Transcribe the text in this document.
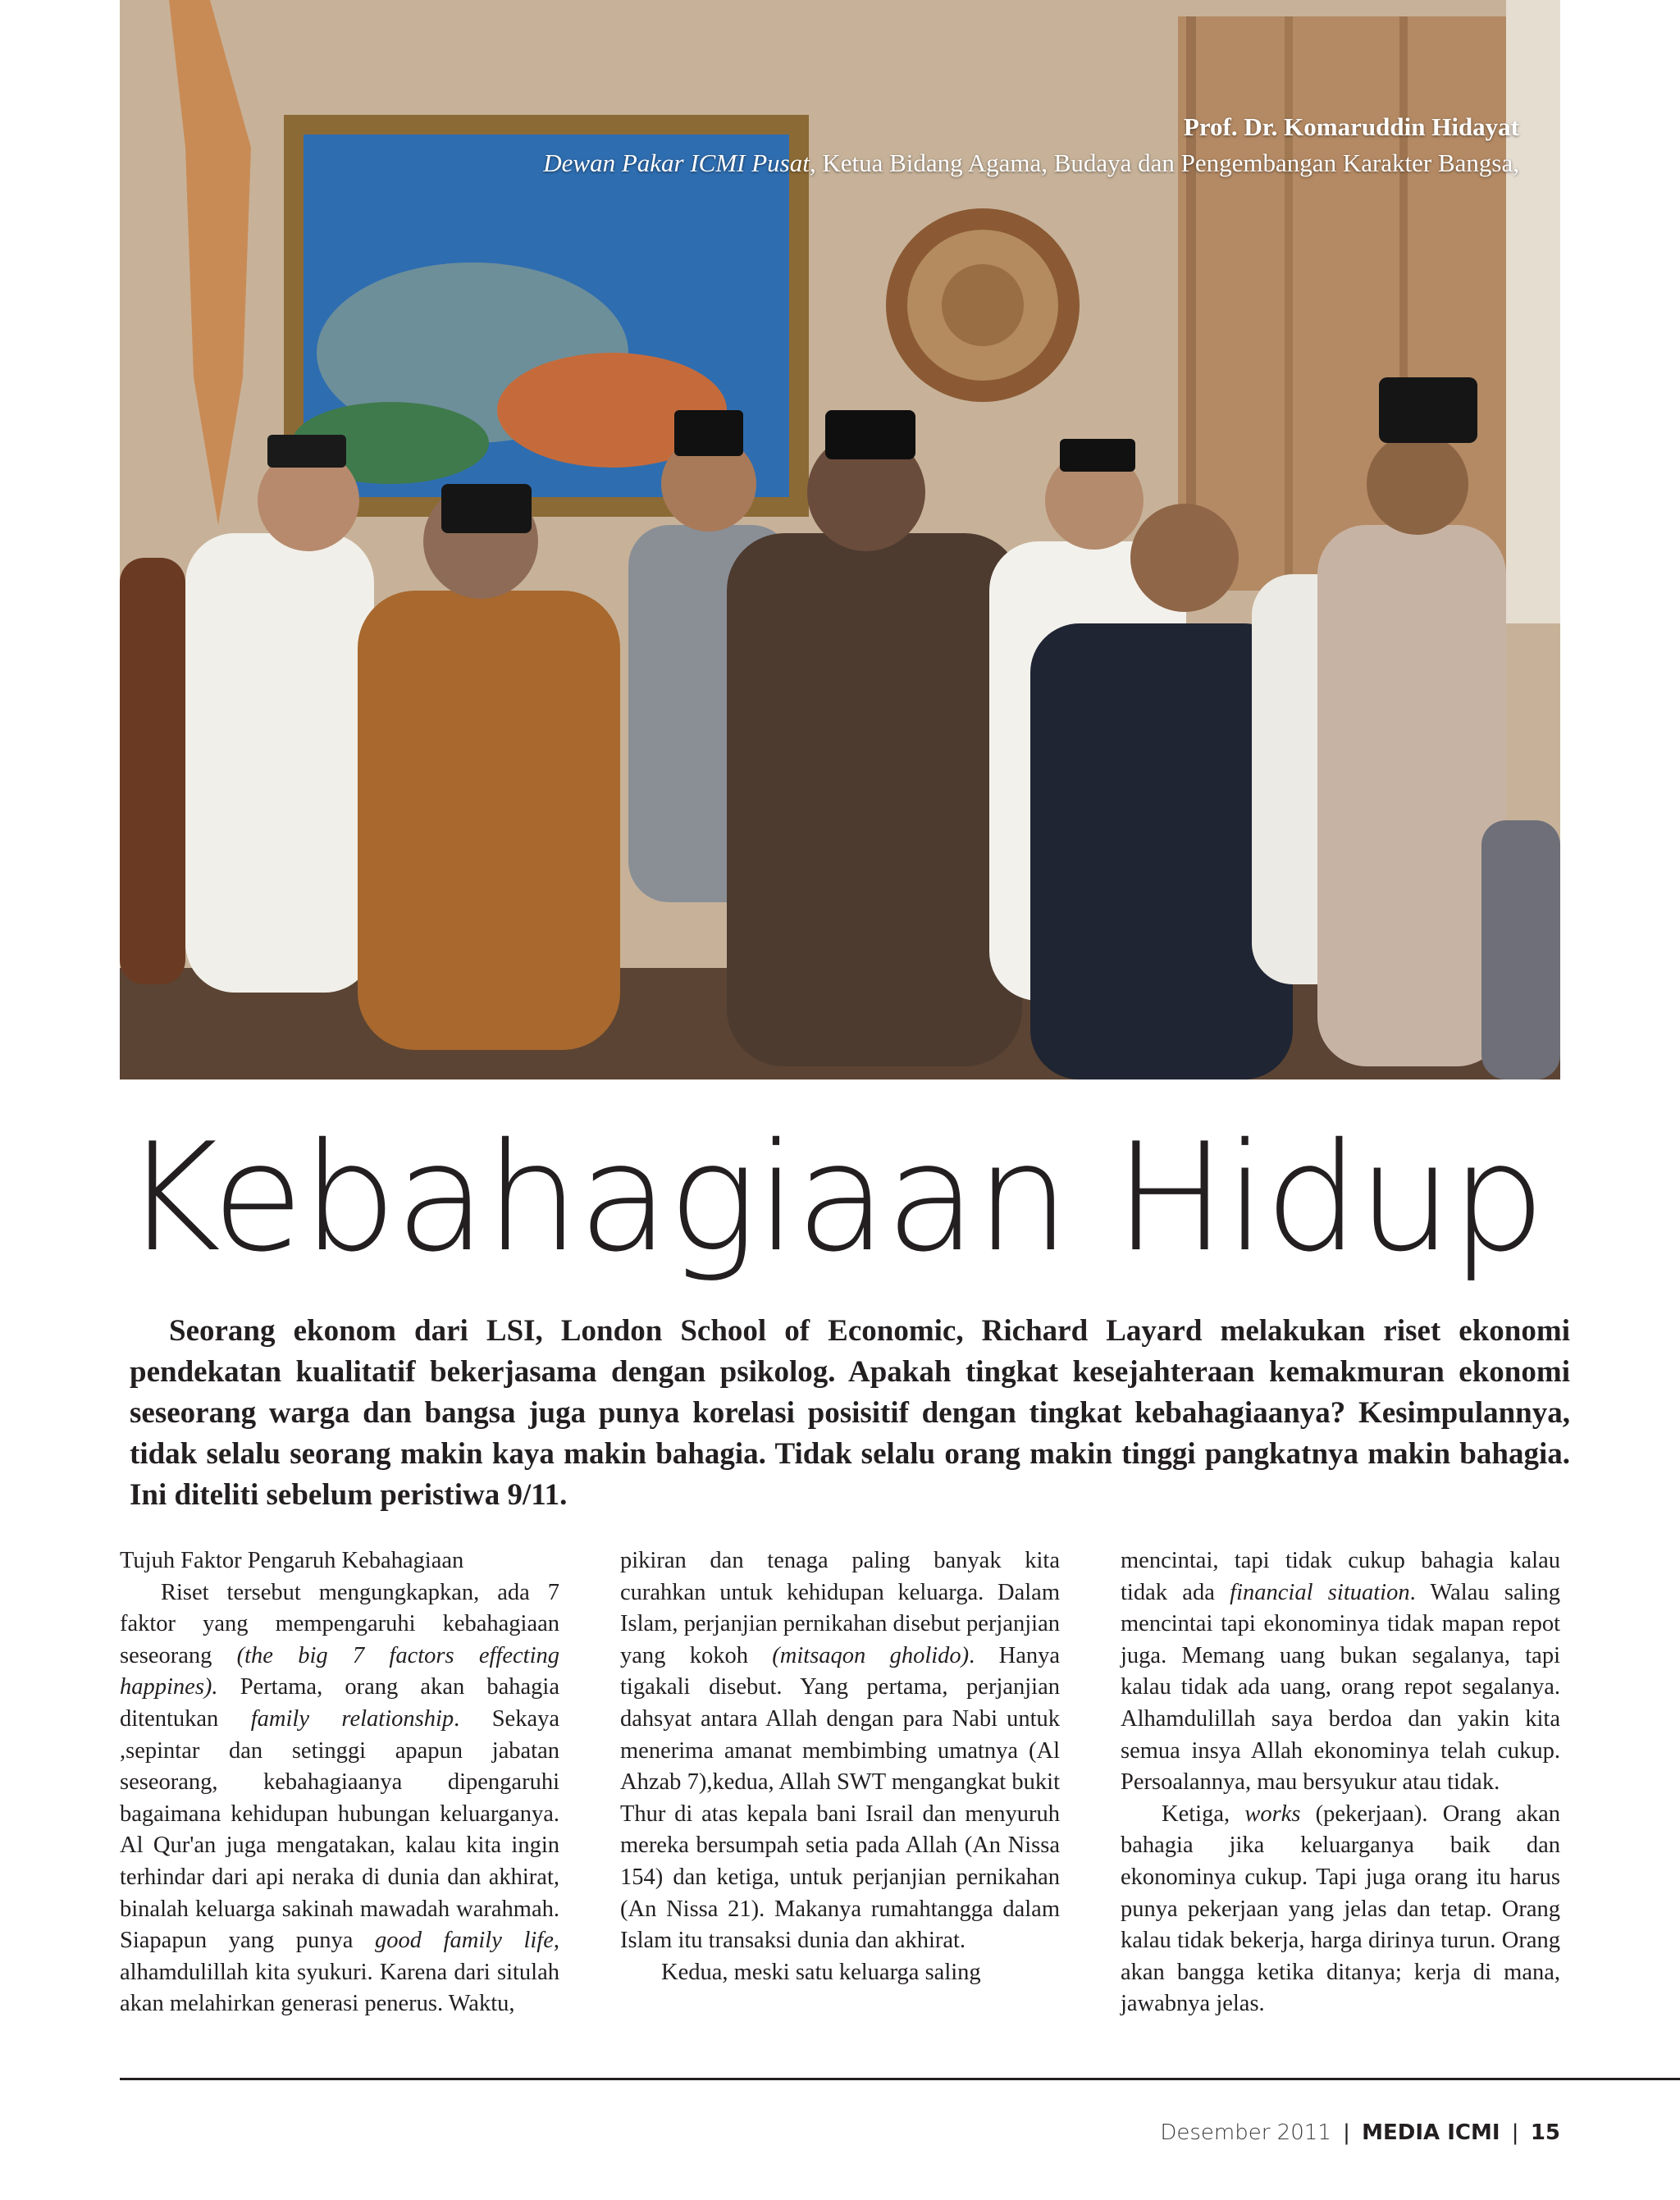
Prof. Dr. Komaruddin Hidayat
Dewan Pakar ICMI Pusat, Ketua Bidang Agama, Budaya dan Pengembangan Karakter Bangsa,
Kebahagiaan Hidup

Seorang ekonom dari LSI, London School of Economic, Richard Layard melakukan riset ekonomi pendekatan kualitatif bekerjasama dengan psikolog. Apakah tingkat kesejahteraan kemakmuran ekonomi seseorang warga dan bangsa juga punya korelasi posisitif dengan tingkat kebahagiaanya? Kesimpulannya, tidak selalu seorang makin kaya makin bahagia. Tidak selalu orang makin tinggi pangkatnya makin bahagia. Ini diteliti sebelum peristiwa 9/11.

Tujuh Faktor Pengaruh Kebahagiaan

Riset tersebut mengungkapkan, ada 7 faktor yang mempengaruhi kebahagiaan seseorang (the big 7 factors effecting happines). Pertama, orang akan bahagia ditentukan family relationship. Sekaya ,sepintar dan setinggi apapun jabatan seseorang, kebahagiaanya dipengaruhi bagaimana kehidupan hubungan keluarganya. Al Qur'an juga mengatakan, kalau kita ingin terhindar dari api neraka di dunia dan akhirat, binalah keluarga sakinah mawadah warahmah. Siapapun yang punya good family life, alhamdulillah kita syukuri. Karena dari situlah akan melahirkan generasi penerus. Waktu,

pikiran dan tenaga paling banyak kita curahkan untuk kehidupan keluarga. Dalam Islam, perjanjian pernikahan disebut perjanjian yang kokoh (mitsaqon gholido). Hanya tigakali disebut. Yang pertama, perjanjian dahsyat antara Allah dengan para Nabi untuk menerima amanat membimbing umatnya (Al Ahzab 7),kedua, Allah SWT mengangkat bukit Thur di atas kepala bani Israil dan menyuruh mereka bersumpah setia pada Allah (An Nissa 154) dan ketiga, untuk perjanjian pernikahan (An Nissa 21). Makanya rumahtangga dalam Islam itu transaksi dunia dan akhirat.

Kedua, meski satu keluarga saling

mencintai, tapi tidak cukup bahagia kalau tidak ada financial situation. Walau saling mencintai tapi ekonominya tidak mapan repot juga. Memang uang bukan segalanya, tapi kalau tidak ada uang, orang repot segalanya. Alhamdulillah saya berdoa dan yakin kita semua insya Allah ekonominya telah cukup. Persoalannya, mau bersyukur atau tidak.

Ketiga, works (pekerjaan). Orang akan bahagia jika keluarganya baik dan ekonominya cukup. Tapi juga orang itu harus punya pekerjaan yang jelas dan tetap. Orang kalau tidak bekerja, harga dirinya turun. Orang akan bangga ketika ditanya; kerja di mana, jawabnya jelas.

Desember 2011 | MEDIA ICMI | 15
